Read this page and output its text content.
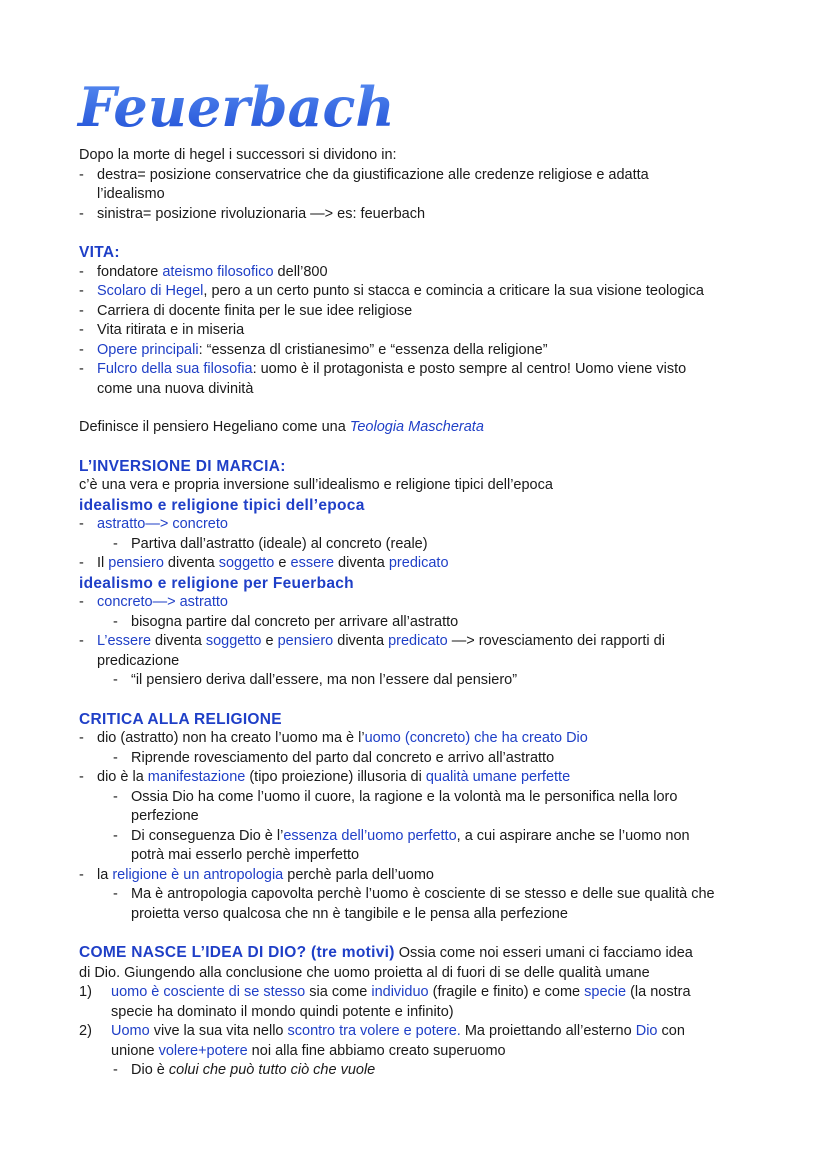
Feuerbach
Dopo la morte di hegel i successori si dividono in:
- destra= posizione conservatrice che da giustificazione alle credenze religiose e adatta
l’idealismo
- sinistra= posizione rivoluzionaria —> es: feuerbach
VITA:
- fondatore ateismo filosofico dell’800
- Scolaro di Hegel, pero a un certo punto si stacca e comincia a criticare la sua visione teologica
- Carriera di docente finita per le sue idee religiose
- Vita ritirata e in miseria
- Opere principali: “essenza dl cristianesimo” e “essenza della religione”
- Fulcro della sua filosofia: uomo è il protagonista e posto sempre al centro! Uomo viene visto
come una nuova divinità
Definisce il pensiero Hegeliano come una Teologia Mascherata
L’INVERSIONE DI MARCIA:
c’è una vera e propria inversione sull’idealismo e religione tipici dell’epoca
idealismo e religione tipici dell’epoca
- astratto—> concreto
- Partiva dall’astratto (ideale) al concreto (reale)
- Il pensiero diventa soggetto e essere diventa predicato
idealismo e religione per Feuerbach
- concreto—> astratto
- bisogna partire dal concreto per arrivare all’astratto
- L’essere diventa soggetto e pensiero diventa predicato —> rovesciamento dei rapporti di
predicazione
- “il pensiero deriva dall’essere, ma non l’essere dal pensiero”
CRITICA ALLA RELIGIONE
- dio (astratto) non ha creato l’uomo ma è l’uomo (concreto) che ha creato Dio
- Riprende rovesciamento del parto dal concreto e arrivo all’astratto
- dio è la manifestazione (tipo proiezione) illusoria di qualità umane perfette
- Ossia Dio ha come l’uomo il cuore, la ragione e la volontà ma le personifica nella loro
perfezione
- Di conseguenza Dio è l’essenza dell’uomo perfetto, a cui aspirare anche se l’uomo non
potrà mai esserlo perchè imperfetto
- la religione è un antropologia perchè parla dell’uomo
- Ma è antropologia capovolta perchè l’uomo è cosciente di se stesso e delle sue qualità che
proietta verso qualcosa che nn è tangibile e le pensa alla perfezione
COME NASCE L’IDEA DI DIO? (tre motivi) Ossia come noi esseri umani ci facciamo idea
di Dio. Giungendo alla conclusione che uomo proietta al di fuori di se delle qualità umane
1) uomo è cosciente di se stesso sia come individuo (fragile e finito) e come specie (la nostra
specie ha dominato il mondo quindi potente e infinito)
2) Uomo vive la sua vita nello scontro tra volere e potere. Ma proiettando all’esterno Dio con
unione volere+potere noi alla fine abbiamo creato superuomo
- Dio è colui che può tutto ciò che vuole
